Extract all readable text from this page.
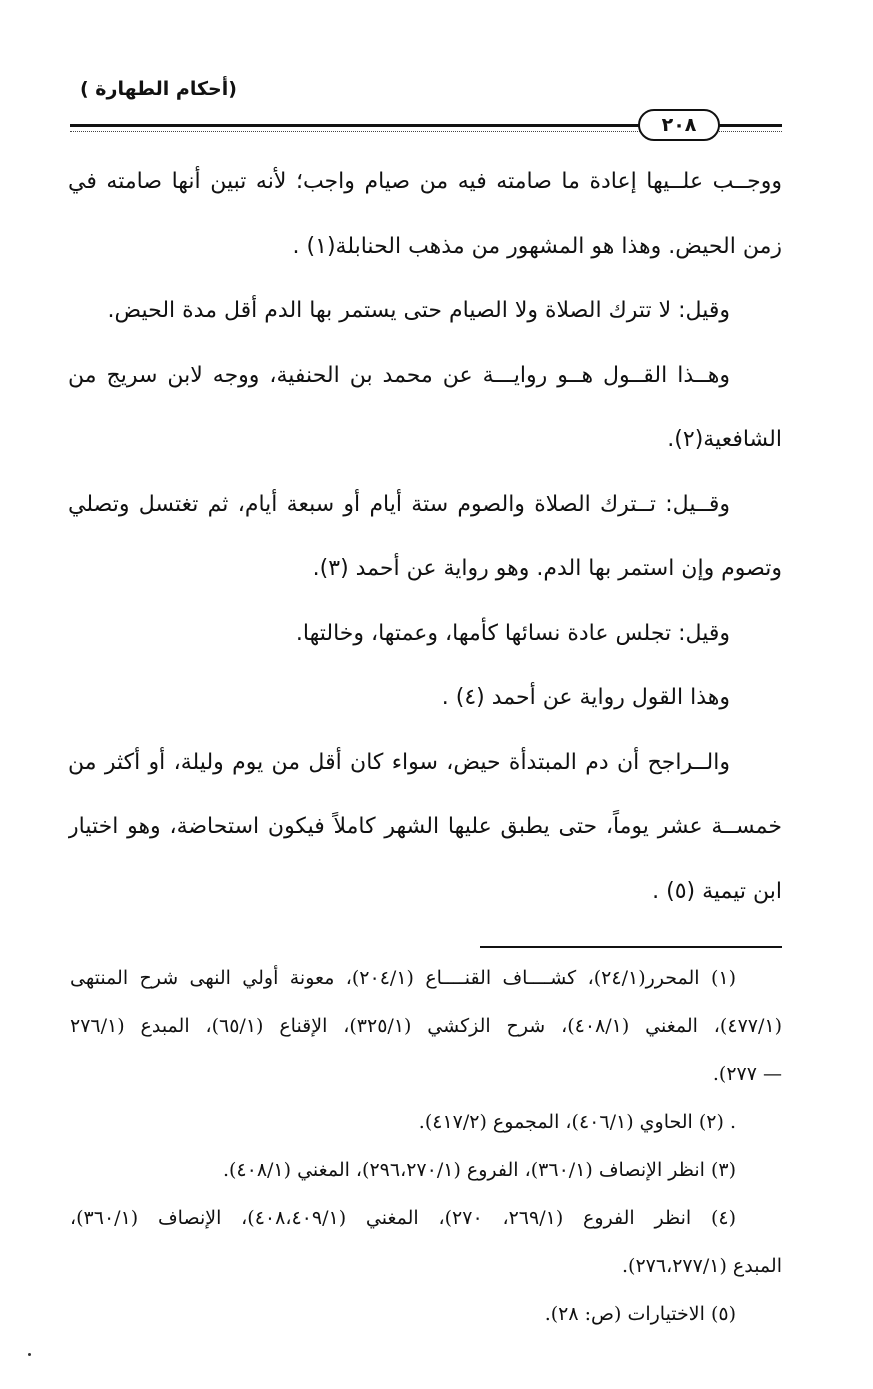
(أحكام الطهارة )
٢٠٨
ووجــب علــيها إعادة ما صامته فيه من صيام واجب؛ لأنه تبين أنها صامته في
زمن الحيض. وهذا هو المشهور من مذهب الحنابلة(١) .
وقيل: لا تترك الصلاة ولا الصيام حتى يستمر بها الدم أقل مدة الحيض.
وهــذا القــول هــو روايـــة عن محمد بن الحنفية، ووجه لابن سريج من
الشافعية(٢).
وقــيل: تــترك الصلاة والصوم ستة أيام أو سبعة أيام، ثم تغتسل وتصلي
وتصوم وإن استمر بها الدم. وهو رواية عن أحمد (٣).
وقيل: تجلس عادة نسائها كأمها، وعمتها، وخالتها.
وهذا القول رواية عن أحمد (٤) .
والــراجح أن دم المبتدأة حيض، سواء كان أقل من يوم وليلة، أو أكثر من
خمســة عشر يوماً، حتى يطبق عليها الشهر كاملاً فيكون استحاضة، وهو اختيار
ابن تيمية (٥) .
(١) المحرر(٢٤/١)، كشــــاف القنــــاع (٢٠٤/١)، معونة أولي النهى شرح المنتهى
(٤٧٧/١)، المغني (٤٠٨/١)، شرح الزكشي (٣٢٥/١)، الإقناع (٦٥/١)، المبدع (٢٧٦/١
— ٢٧٧).
. (٢) الحاوي (٤٠٦/١)، المجموع (٤١٧/٢).
(٣) انظر الإنصاف (٣٦٠/١)، الفروع (٢٩٦،٢٧٠/١)، المغني (٤٠٨/١).
(٤) انظر الفروع (٢٦٩/١، ٢٧٠)، المغني (٤٠٨،٤٠٩/١)، الإنصاف (٣٦٠/١)،
المبدع (٢٧٦،٢٧٧/١).
(٥) الاختيارات (ص: ٢٨).
